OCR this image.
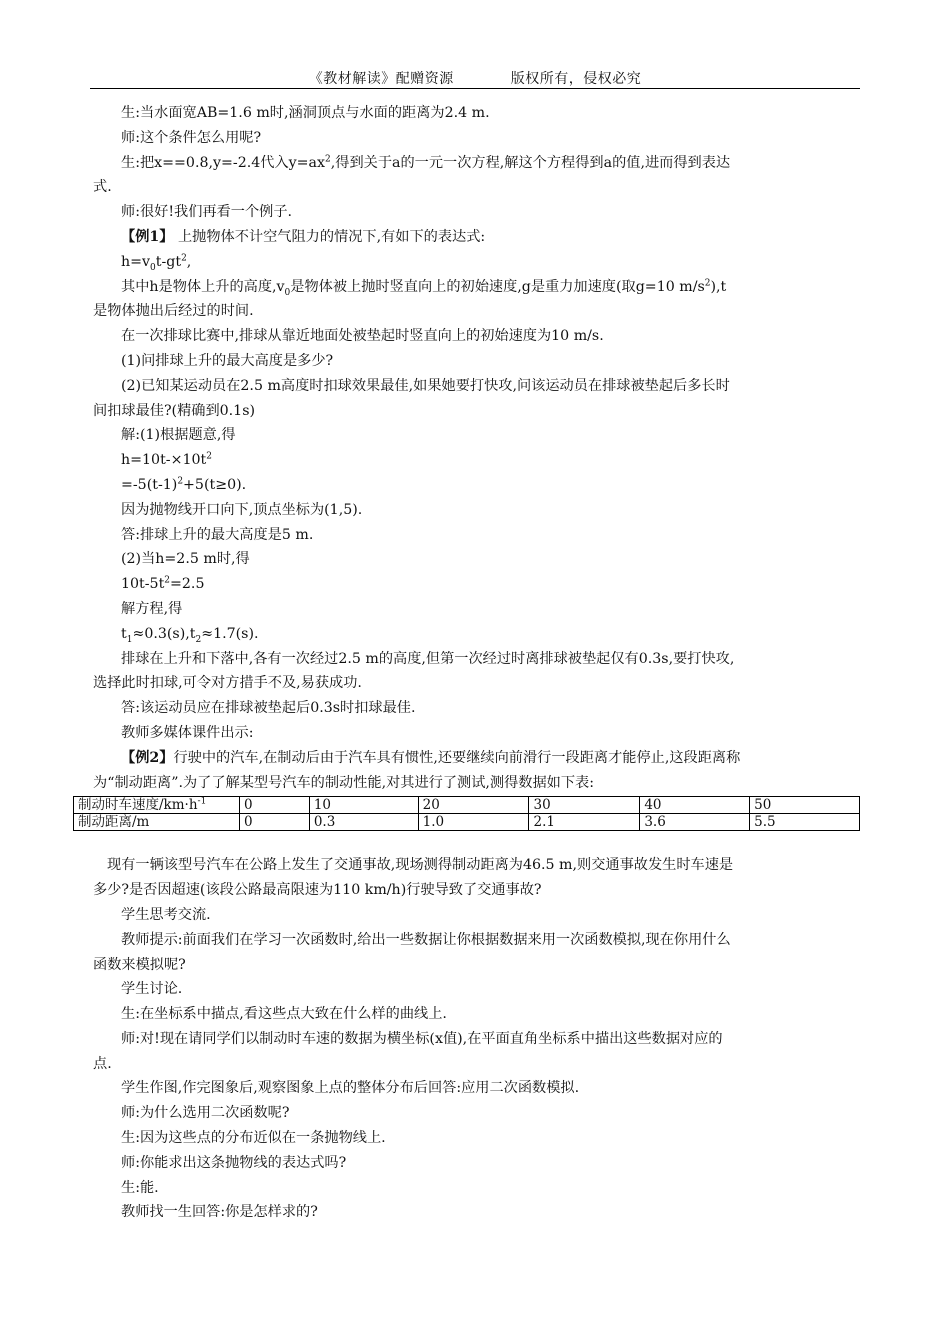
《教材解读》配赠资源	版权所有，侵权必究

生:当水面宽AB=1.6 m时,涵洞顶点与水面的距离为2.4 m.

师:这个条件怎么用呢?

生:把x==0.8,y=-2.4代入$y=ax^2$,得到关于a的一元一次方程,解这个方程得到a的值,进而得到表达

式.

师:很好!我们再看一个例子.

【例1】 上抛物体不计空气阻力的情况下,有如下的表达式:

$h=v_0t-gt^2$,

其中h是物体上升的高度$,v_0$是物体被上抛时竖直向上的初始速度,g是重力加速度(取g=10 $m/s^2),t$

是物体抛出后经过的时间.

在一次排球比赛中,排球从靠近地面处被垫起时竖直向上的初始速度为10 m/s.

(1)问排球上升的最大高度是多少?

(2)已知某运动员在2.5 m高度时扣球效果最佳,如果她要打快攻,问该运动员在排球被垫起后多长时

间扣球最佳?(精确到0.1s)

解:(1)根据题意,得

$h=10t-\times 10t^2$

$=-5(t-1)^2+5(t\ge 0)$.

因为抛物线开口向下,顶点坐标为(1,5).

答:排球上升的最大高度是5 m.

(2)当h=2.5 m时,得

$10t-5t^2=2.5$

解方程,得

$t_1\approx 0.3(s),t_2\approx 1.7(s)$.

排球在上升和下落中,各有一次经过2.5 m的高度,但第一次经过时离排球被垫起仅有0.3s,要打快攻,

选择此时扣球,可令对方措手不及,易获成功.

答:该运动员应在排球被垫起后0.3s时扣球最佳.

教师多媒体课件出示:

【例2】行驶中的汽车,在制动后由于汽车具有惯性,还要继续向前滑行一段距离才能停止,这段距离称

为“制动距离”.为了了解某型号汽车的制动性能,对其进行了测试,测得数据如下表:

制动时车速度$/km\cdot h^{-1}$	0	10	20	30	40	50
制动距离/m	0	0.3	1.0	2.1	3.6	5.5

现有一辆该型号汽车在公路上发生了交通事故,现场测得制动距离为46.5 m,则交通事故发生时车速是

多少?是否因超速(该段公路最高限速为110 km/h)行驶导致了交通事故?

学生思考交流.

教师提示:前面我们在学习一次函数时,给出一些数据让你根据数据来用一次函数模拟,现在你用什么

函数来模拟呢?

学生讨论.

生:在坐标系中描点,看这些点大致在什么样的曲线上.

师:对!现在请同学们以制动时车速的数据为横坐标(x值),在平面直角坐标系中描出这些数据对应的

点.

学生作图,作完图象后,观察图象上点的整体分布后回答:应用二次函数模拟.

师:为什么选用二次函数呢?

生:因为这些点的分布近似在一条抛物线上.

师:你能求出这条抛物线的表达式吗?

生:能.

教师找一生回答:你是怎样求的?
